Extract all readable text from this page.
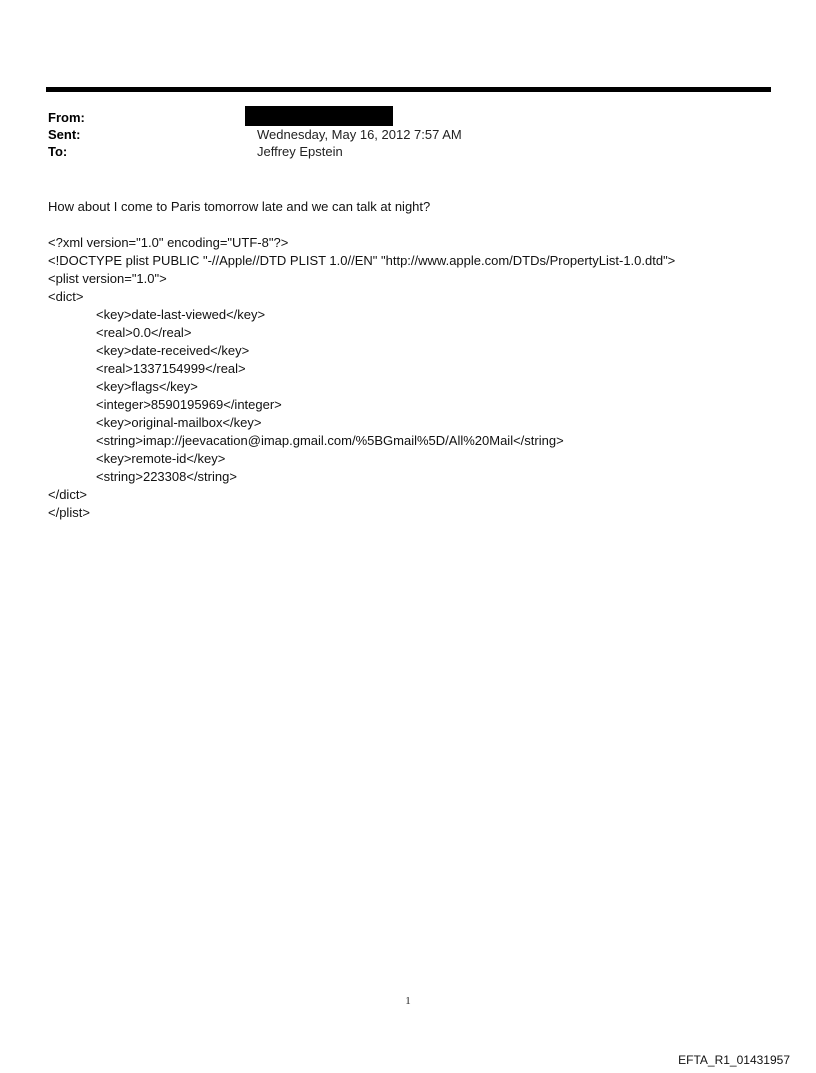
From:
Sent:	Wednesday, May 16, 2012 7:57 AM
To:	Jeffrey Epstein
How about I come to Paris tomorrow late and we can talk at night?
<?xml version="1.0" encoding="UTF-8"?>
<!DOCTYPE plist PUBLIC "-//Apple//DTD PLIST 1.0//EN" "http://www.apple.com/DTDs/PropertyList-1.0.dtd">
<plist version="1.0">
<dict>
<key>date-last-viewed</key>
<real>0.0</real>
<key>date-received</key>
<real>1337154999</real>
<key>flags</key>
<integer>8590195969</integer>
<key>original-mailbox</key>
<string>imap://jeevacation@imap.gmail.com/%5BGmail%5D/All%20Mail</string>
<key>remote-id</key>
<string>223308</string>
</dict>
</plist>
1
EFTA_R1_01431957
